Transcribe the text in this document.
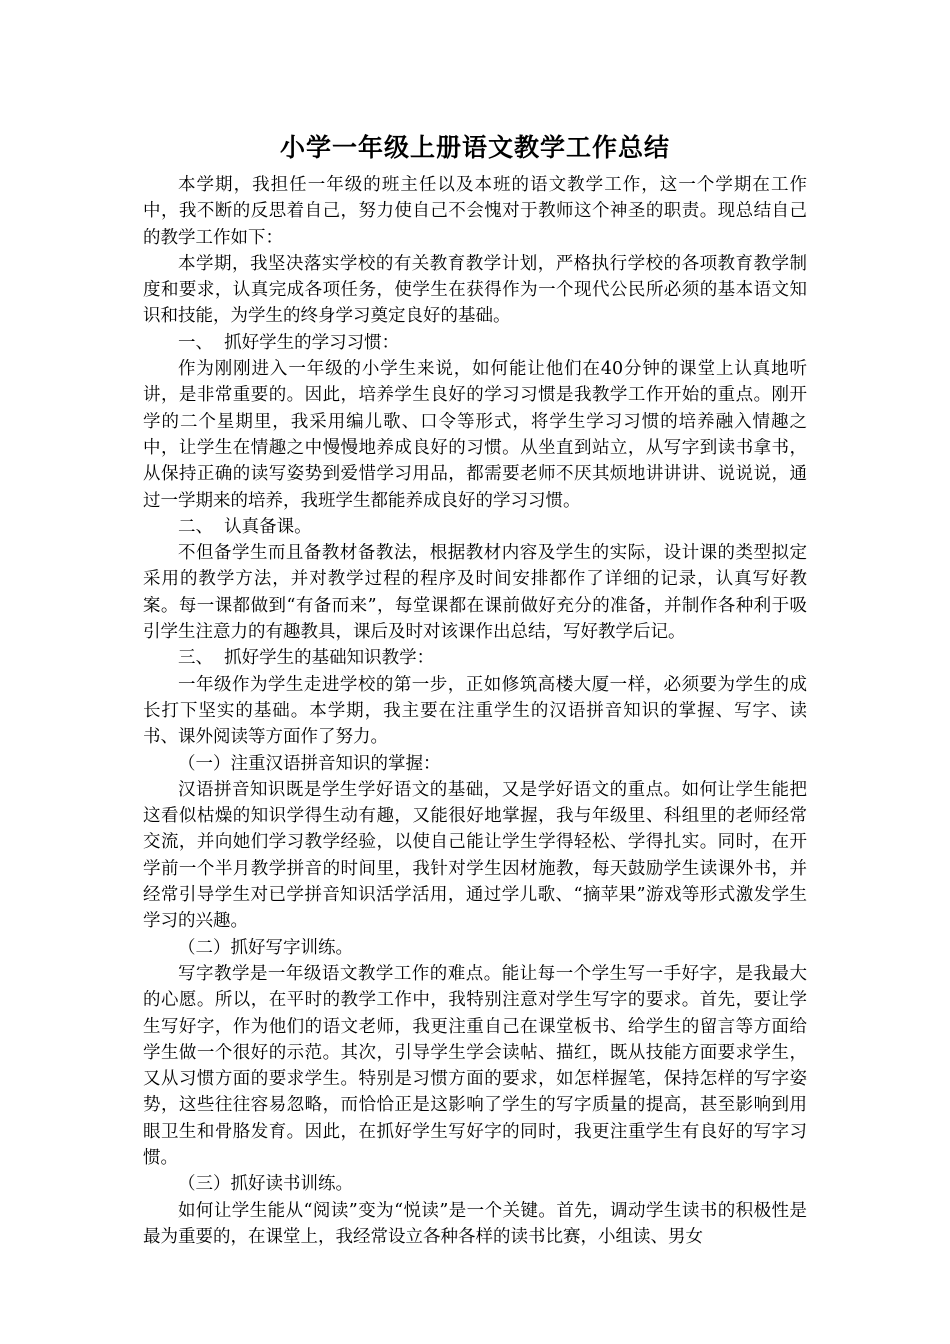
小学一年级上册语文教学工作总结

本学期，我担任一年级的班主任以及本班的语文教学工作，这一个学期在工作中，我不断的反思着自己，努力使自己不会愧对于教师这个神圣的职责。现总结自己的教学工作如下：

本学期，我坚决落实学校的有关教育教学计划，严格执行学校的各项教育教学制度和要求，认真完成各项任务，使学生在获得作为一个现代公民所必须的基本语文知识和技能，为学生的终身学习奠定良好的基础。

一、  抓好学生的学习习惯：

作为刚刚进入一年级的小学生来说，如何能让他们在40分钟的课堂上认真地听讲，是非常重要的。因此，培养学生良好的学习习惯是我教学工作开始的重点。刚开学的二个星期里，我采用编儿歌、口令等形式，将学生学习习惯的培养融入情趣之中，让学生在情趣之中慢慢地养成良好的习惯。从坐直到站立，从写字到读书拿书，从保持正确的读写姿势到爱惜学习用品，都需要老师不厌其烦地讲讲讲、说说说，通过一学期来的培养，我班学生都能养成良好的学习习惯。

二、  认真备课。

不但备学生而且备教材备教法，根据教材内容及学生的实际，设计课的类型拟定采用的教学方法，并对教学过程的程序及时间安排都作了详细的记录，认真写好教案。每一课都做到“有备而来”，每堂课都在课前做好充分的准备，并制作各种利于吸引学生注意力的有趣教具，课后及时对该课作出总结，写好教学后记。

三、  抓好学生的基础知识教学：

一年级作为学生走进学校的第一步，正如修筑高楼大厦一样，必须要为学生的成长打下坚实的基础。本学期，我主要在注重学生的汉语拼音知识的掌握、写字、读书、课外阅读等方面作了努力。

（一）注重汉语拼音知识的掌握：

汉语拼音知识既是学生学好语文的基础，又是学好语文的重点。如何让学生能把这看似枯燥的知识学得生动有趣，又能很好地掌握，我与年级里、科组里的老师经常交流，并向她们学习教学经验，以使自己能让学生学得轻松、学得扎实。同时，在开学前一个半月教学拼音的时间里，我针对学生因材施教，每天鼓励学生读课外书，并经常引导学生对已学拼音知识活学活用，通过学儿歌、“摘苹果”游戏等形式激发学生学习的兴趣。

（二）抓好写字训练。

写字教学是一年级语文教学工作的难点。能让每一个学生写一手好字，是我最大的心愿。所以，在平时的教学工作中，我特别注意对学生写字的要求。首先，要让学生写好字，作为他们的语文老师，我更注重自己在课堂板书、给学生的留言等方面给学生做一个很好的示范。其次，引导学生学会读帖、描红，既从技能方面要求学生，又从习惯方面的要求学生。特别是习惯方面的要求，如怎样握笔，保持怎样的写字姿势，这些往往容易忽略，而恰恰正是这影响了学生的写字质量的提高，甚至影响到用眼卫生和骨胳发育。因此，在抓好学生写好字的同时，我更注重学生有良好的写字习惯。

（三）抓好读书训练。

如何让学生能从“阅读”变为“悦读”是一个关键。首先，调动学生读书的积极性是最为重要的，在课堂上，我经常设立各种各样的读书比赛，小组读、男女
